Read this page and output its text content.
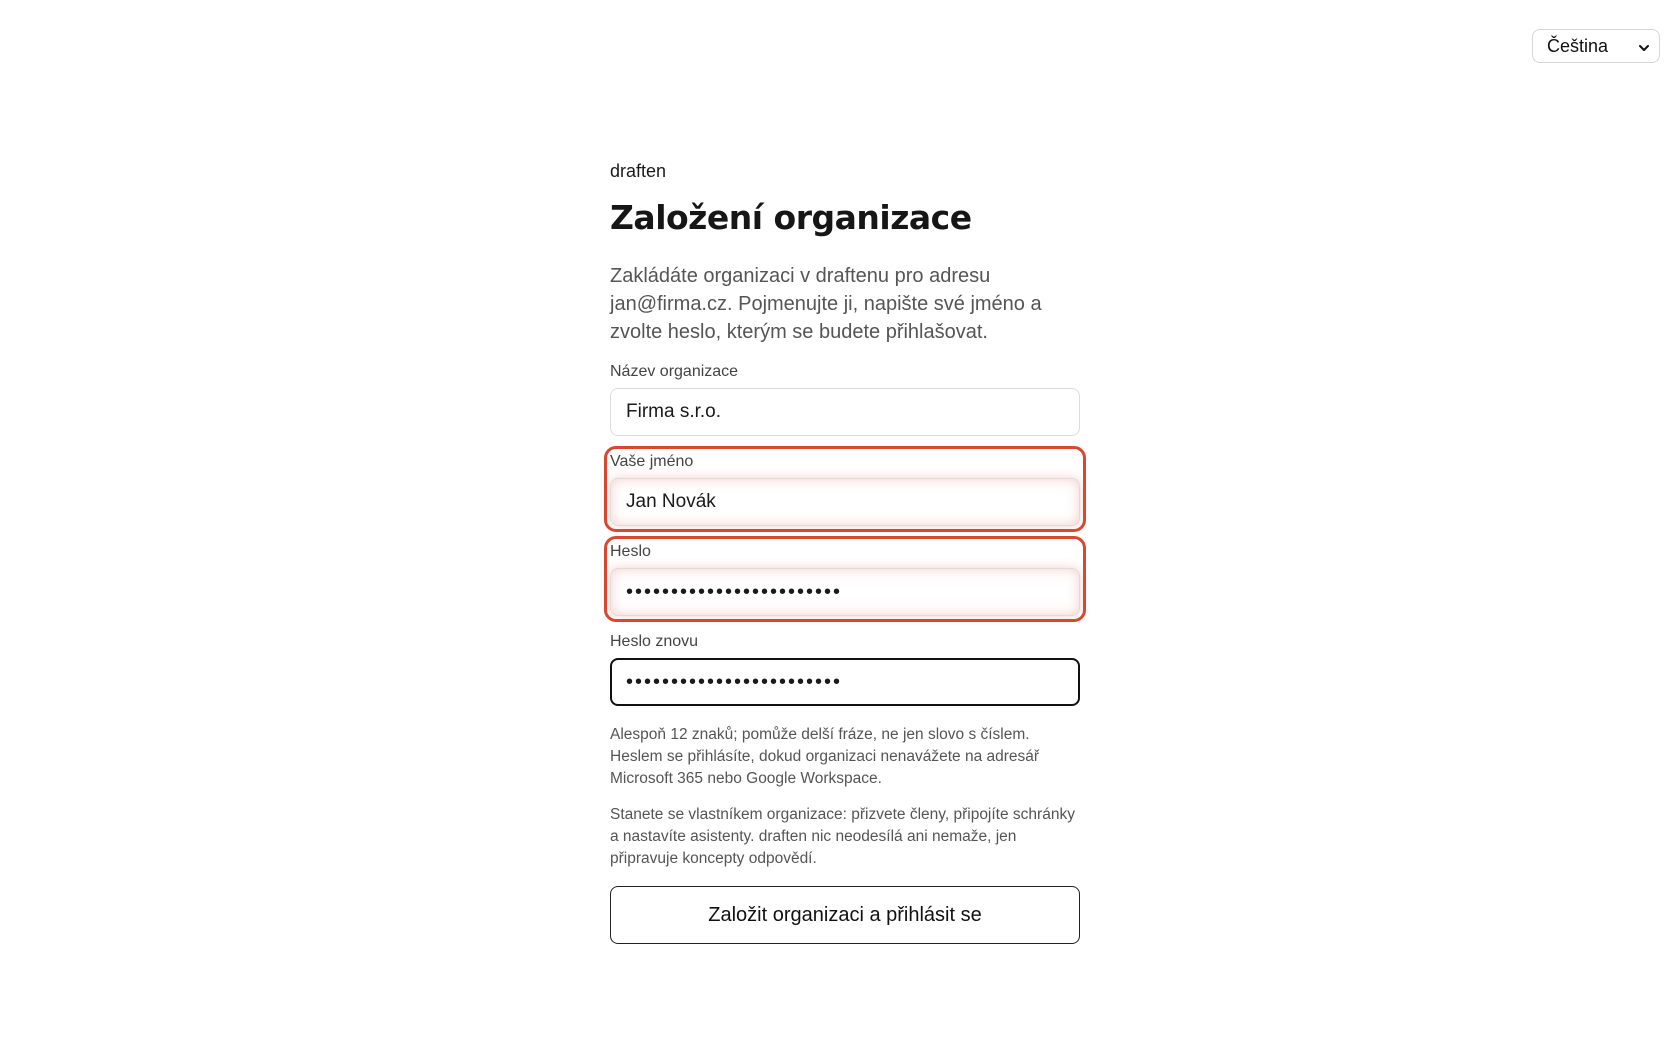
Čeština

draften

Založení organizace

Zakládáte organizaci v draftenu pro adresu jan@firma.cz. Pojmenujte ji, napište své jméno a zvolte heslo, kterým se budete přihlašovat.

Název organizace
Firma s.r.o.
Vaše jméno
Jan Novák
Heslo
••••••••••••••••••••••••
Heslo znovu
••••••••••••••••••••••••

Alespoň 12 znaků; pomůže delší fráze, ne jen slovo s číslem. Heslem se přihlásíte, dokud organizaci nenavážete na adresář Microsoft 365 nebo Google Workspace.

Stanete se vlastníkem organizace: přizvete členy, připojíte schránky a nastavíte asistenty. draften nic neodesílá ani nemaže, jen připravuje koncepty odpovědí.

Založit organizaci a přihlásit se
